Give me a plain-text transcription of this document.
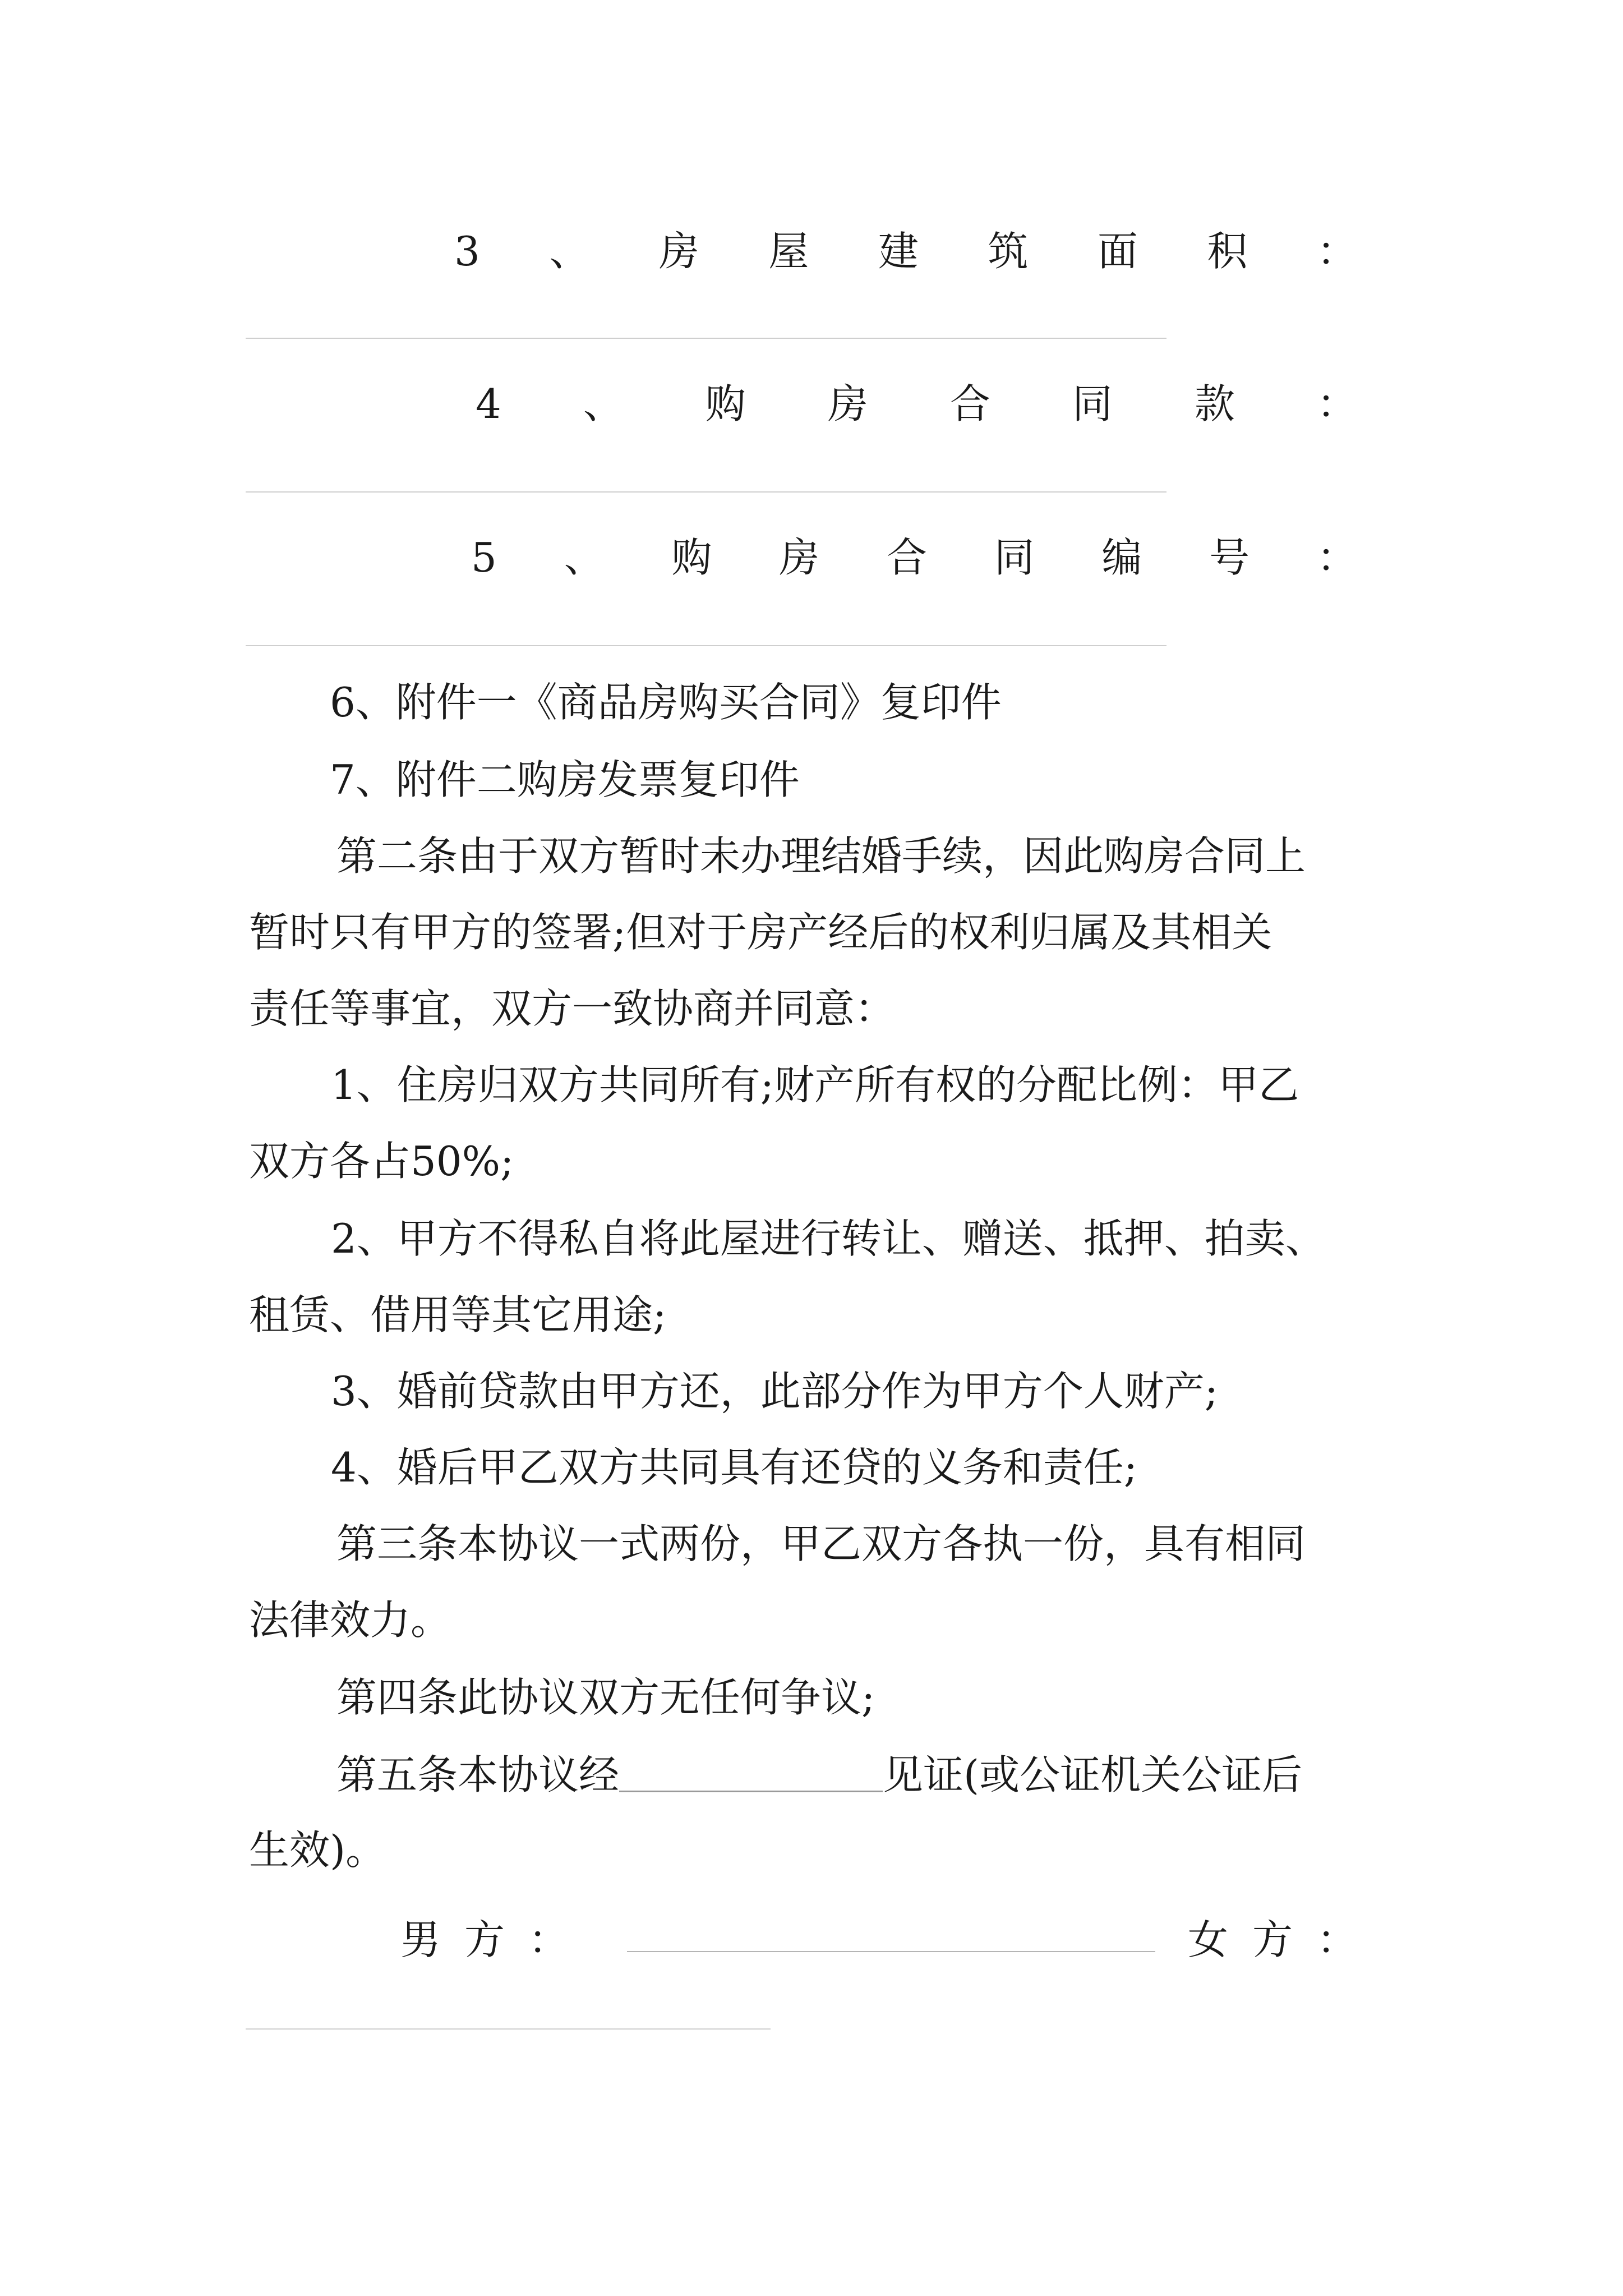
3 、 房 屋 建 筑 面 积 ：
4 、 购 房 合 同 款 ：
5 、 购 房 合 同 编 号 ：
6、附件一《商品房购买合同》复印件
7、附件二购房发票复印件
第二条由于双方暂时未办理结婚手续，因此购房合同上
暂时只有甲方的签署;但对于房产经后的权利归属及其相关
责任等事宜，双方一致协商并同意：
1、住房归双方共同所有;财产所有权的分配比例：甲乙
双方各占50%;
2、甲方不得私自将此屋进行转让、赠送、抵押、拍卖、
租赁、借用等其它用途;
3、婚前贷款由甲方还，此部分作为甲方个人财产;
4、婚后甲乙双方共同具有还贷的义务和责任;
第三条本协议一式两份，甲乙双方各执一份，具有相同
法律效力。
第四条此协议双方无任何争议;
第五条本协议经	见证(或公证机关公证后
生效)。
男 方 ：	女 方 ：
